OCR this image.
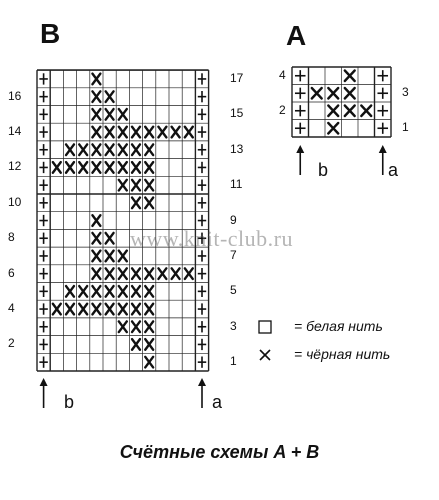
B
2
4
6
8
10
12
14
16
1
3
5
7
9
11
13
15
17
b	a
A
2
4
1
3
b	a
= белая нить
= чёрная нить
www.knit-club.ru
Счётные схемы A + B
